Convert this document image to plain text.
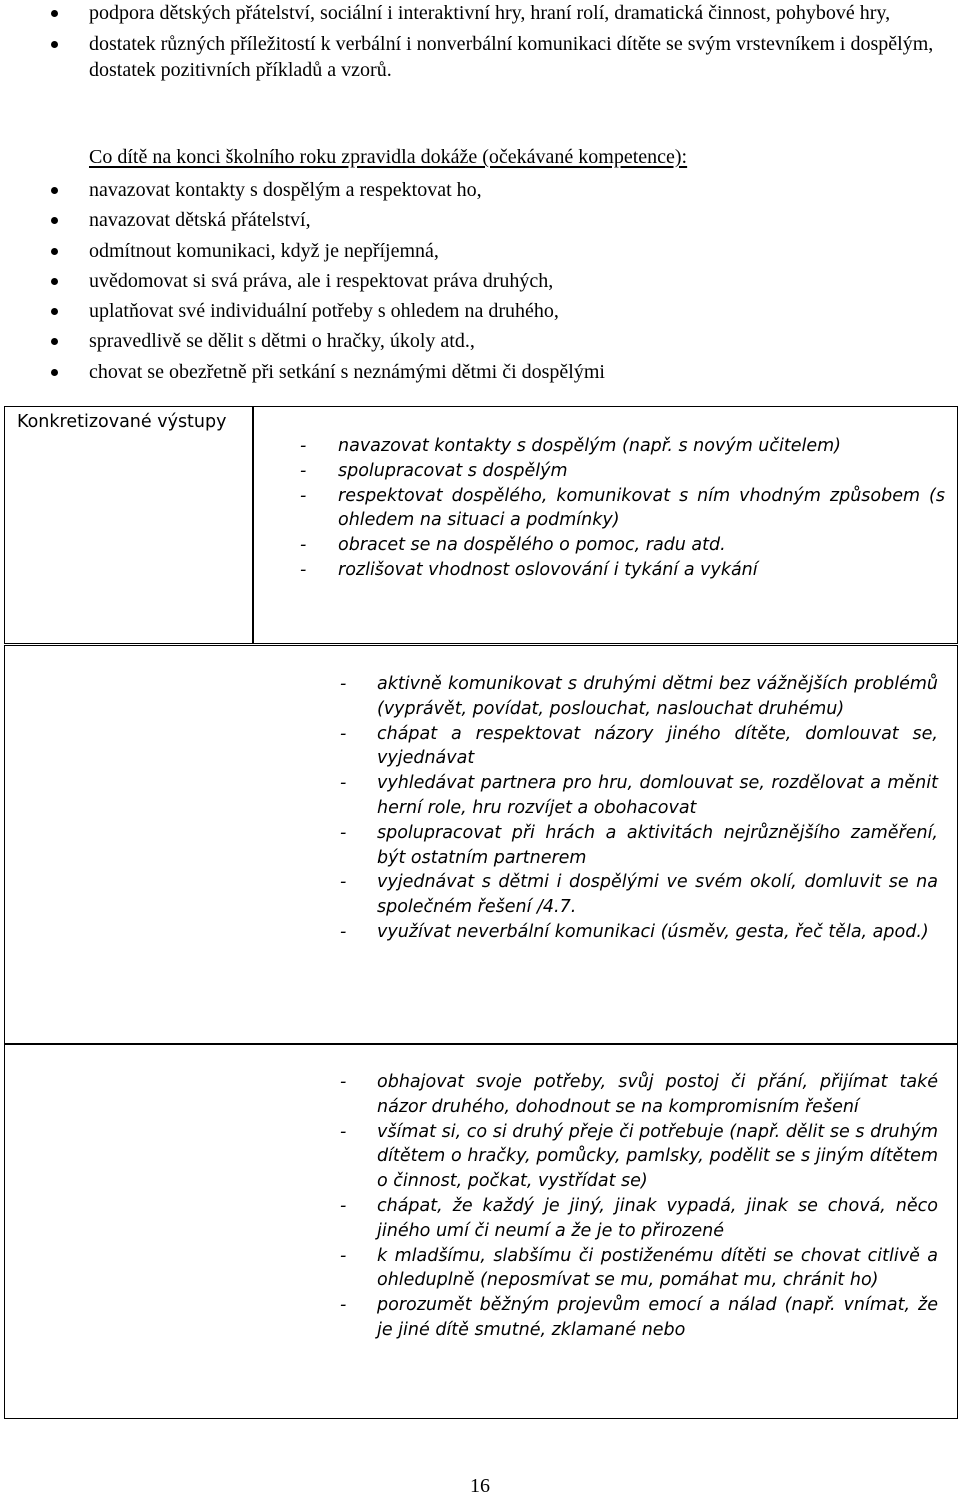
podpora dětských přátelství, sociální i interaktivní hry, hraní rolí, dramatická činnost, pohybové hry,
dostatek různých příležitostí k verbální i nonverbální komunikaci dítěte se svým vrstevníkem i dospělým, dostatek pozitivních příkladů a vzorů.
Co dítě na konci školního roku zpravidla dokáže (očekávané kompetence):
navazovat kontakty s dospělým a respektovat ho,
navazovat dětská přátelství,
odmítnout komunikaci, když je nepříjemná,
uvědomovat si svá práva, ale i respektovat práva druhých,
uplatňovat své individuální potřeby s ohledem na druhého,
spravedlivě se dělit s dětmi o hračky, úkoly atd.,
chovat se obezřetně při setkání s neznámými dětmi či dospělými
Konkretizované výstupy
- navazovat kontakty s dospělým (např. s novým učitelem)
- spolupracovat s dospělým
- respektovat dospělého, komunikovat s ním vhodným způsobem (s ohledem na situaci a podmínky)
- obracet se na dospělého o pomoc, radu atd.
- rozlišovat vhodnost oslovování i tykání a vykání
- aktivně komunikovat s druhými dětmi bez vážnějších problémů (vyprávět, povídat, poslouchat, naslouchat druhému)
- chápat a respektovat názory jiného dítěte, domlouvat se, vyjednávat
- vyhledávat partnera pro hru, domlouvat se, rozdělovat a měnit herní role, hru rozvíjet a obohacovat
- spolupracovat při hrách a aktivitách nejrůznějšího zaměření, být ostatním partnerem
- vyjednávat s dětmi i dospělými ve svém okolí, domluvit se na společném řešení /4.7.
- využívat neverbální komunikaci (úsměv, gesta, řeč těla, apod.)
- obhajovat svoje potřeby, svůj postoj či přání, přijímat také názor druhého, dohodnout se na kompromisním řešení
- všímat si, co si druhý přeje či potřebuje (např. dělit se s druhým dítětem o hračky, pomůcky, pamlsky, podělit se s jiným dítětem o činnost, počkat, vystřídat se)
- chápat, že každý je jiný, jinak vypadá, jinak se chová, něco jiného umí či neumí a že je to přirozené
- k mladšímu, slabšímu či postiženému dítěti se chovat citlivě a ohleduplně (neposmívat se mu, pomáhat mu, chránit ho)
- porozumět běžným projevům emocí a nálad (např. vnímat, že je jiné dítě smutné, zklamané nebo
16
